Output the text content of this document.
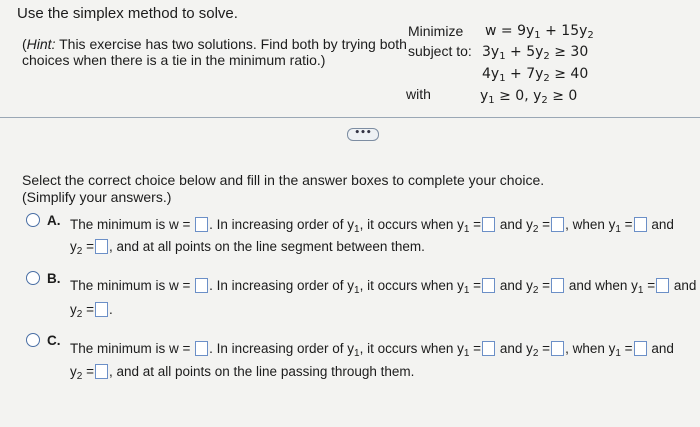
Use the simplex method to solve.
(Hint: This exercise has two solutions. Find both by trying both
choices when there is a tie in the minimum ratio.)
Minimize
subject to:
with
$w = 9y_1 + 15y_2$
$3y_1 + 5y_2 \ge 30$
$4y_1 + 7y_2 \ge 40$
$y_1 \ge 0$, $y_2 \ge 0$
•••
Select the correct choice below and fill in the answer boxes to complete your choice.
(Simplify your answers.)
A. The minimum is w = . In increasing order of $y_1$, it occurs when $y_1$ = and $y_2$ = , when $y_1$ = and
$y_2$ = , and at all points on the line segment between them.
B. The minimum is w = . In increasing order of $y_1$, it occurs when $y_1$ = and $y_2$ = and when $y_1$ = and
$y_2$ = .
C.
The minimum is w = . In increasing order of $y_1$, it occurs when $y_1$ = and $y_2$ = , when $y_1$ = and
$y_2$ = , and at all points on the line passing through them.
